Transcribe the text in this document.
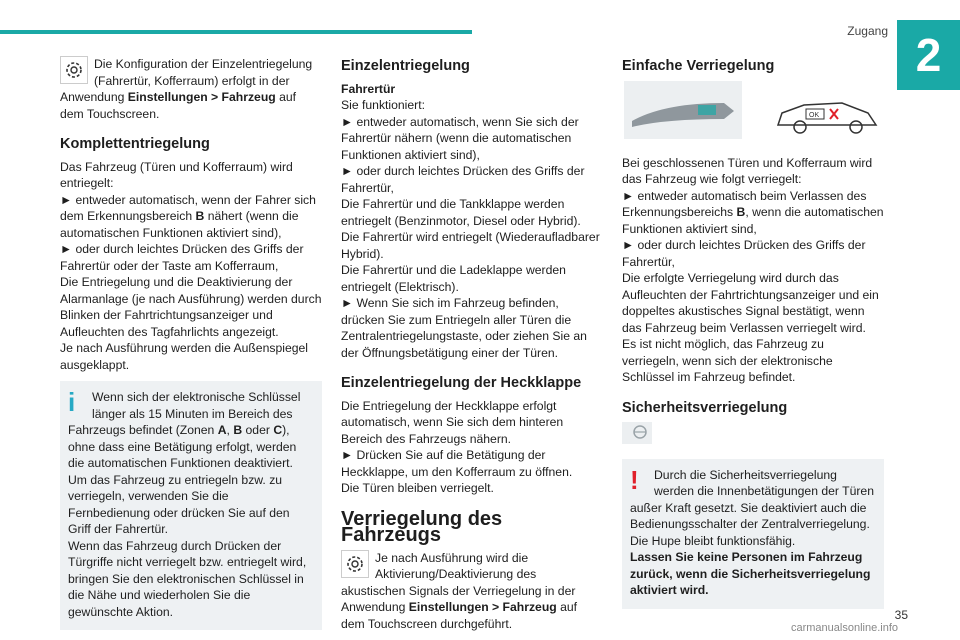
Zugang 2
Die Konfiguration der Einzelentriegelung (Fahrertür, Kofferraum) erfolgt in der Anwendung Einstellungen > Fahrzeug auf dem Touchscreen.
Komplettentriegelung

Das Fahrzeug (Türen und Kofferraum) wird entriegelt:

► entweder automatisch, wenn der Fahrer sich dem Erkennungsbereich B nähert (wenn die automatischen Funktionen aktiviert sind),

► oder durch leichtes Drücken des Griffs der Fahrertür oder der Taste am Kofferraum,

Die Entriegelung und die Deaktivierung der Alarmanlage (je nach Ausführung) werden durch Blinken der Fahrtrichtungsanzeiger und Aufleuchten des Tagfahrlichts angezeigt.

Je nach Ausführung werden die Außenspiegel ausgeklappt.

i	Wenn sich der elektronische Schlüssel länger als 15 Minuten im Bereich des Fahrzeugs befindet (Zonen A, B oder C), ohne dass eine Betätigung erfolgt, werden die automatischen Funktionen deaktiviert. Um das Fahrzeug zu entriegeln bzw. zu verriegeln, verwenden Sie die Fernbedienung oder drücken Sie auf den Griff der Fahrertür.

Wenn das Fahrzeug durch Drücken der Türgriffe nicht verriegelt bzw. entriegelt wird, bringen Sie den elektronischen Schlüssel in die Nähe und wiederholen Sie die gewünschte Aktion.

Einzelentriegelung

Fahrertür

Sie funktioniert:

► entweder automatisch, wenn Sie sich der Fahrertür nähern (wenn die automatischen Funktionen aktiviert sind),

► oder durch leichtes Drücken des Griffs der Fahrertür,

Die Fahrertür und die Tankklappe werden entriegelt (Benzinmotor, Diesel oder Hybrid).

Die Fahrertür wird entriegelt (Wiederaufladbarer Hybrid).

Die Fahrertür und die Ladeklappe werden entriegelt (Elektrisch).

► Wenn Sie sich im Fahrzeug befinden, drücken Sie zum Entriegeln aller Türen die Zentralentriegelungstaste, oder ziehen Sie an der Öffnungsbetätigung einer der Türen.

Einzelentriegelung der Heckklappe

Die Entriegelung der Heckklappe erfolgt automatisch, wenn Sie sich dem hinteren Bereich des Fahrzeugs nähern.

► Drücken Sie auf die Betätigung der Heckklappe, um den Kofferraum zu öffnen.

Die Türen bleiben verriegelt.

Verriegelung des Fahrzeugs
Je nach Ausführung wird die Aktivierung/Deaktivierung des akustischen Signals der Verriegelung in der Anwendung Einstellungen > Fahrzeug auf dem Touchscreen durchgeführt.
Einfache Verriegelung
OK

Bei geschlossenen Türen und Kofferraum wird das Fahrzeug wie folgt verriegelt:

► entweder automatisch beim Verlassen des Erkennungsbereichs B, wenn die automatischen Funktionen aktiviert sind,

► oder durch leichtes Drücken des Griffs der Fahrertür,

Die erfolgte Verriegelung wird durch das Aufleuchten der Fahrtrichtungsanzeiger und ein doppeltes akustisches Signal bestätigt, wenn das Fahrzeug beim Verlassen verriegelt wird.

Es ist nicht möglich, das Fahrzeug zu verriegeln, wenn sich der elektronische Schlüssel im Fahrzeug befindet.

Sicherheitsverriegelung
!	Durch die Sicherheitsverriegelung werden die Innenbetätigungen der Türen außer Kraft gesetzt. Sie deaktiviert auch die Bedienungsschalter der Zentralverriegelung.

Die Hupe bleibt funktionsfähig.

Lassen Sie keine Personen im Fahrzeug zurück, wenn die Sicherheitsverriegelung aktiviert wird.

35
carmanualsonline.info
